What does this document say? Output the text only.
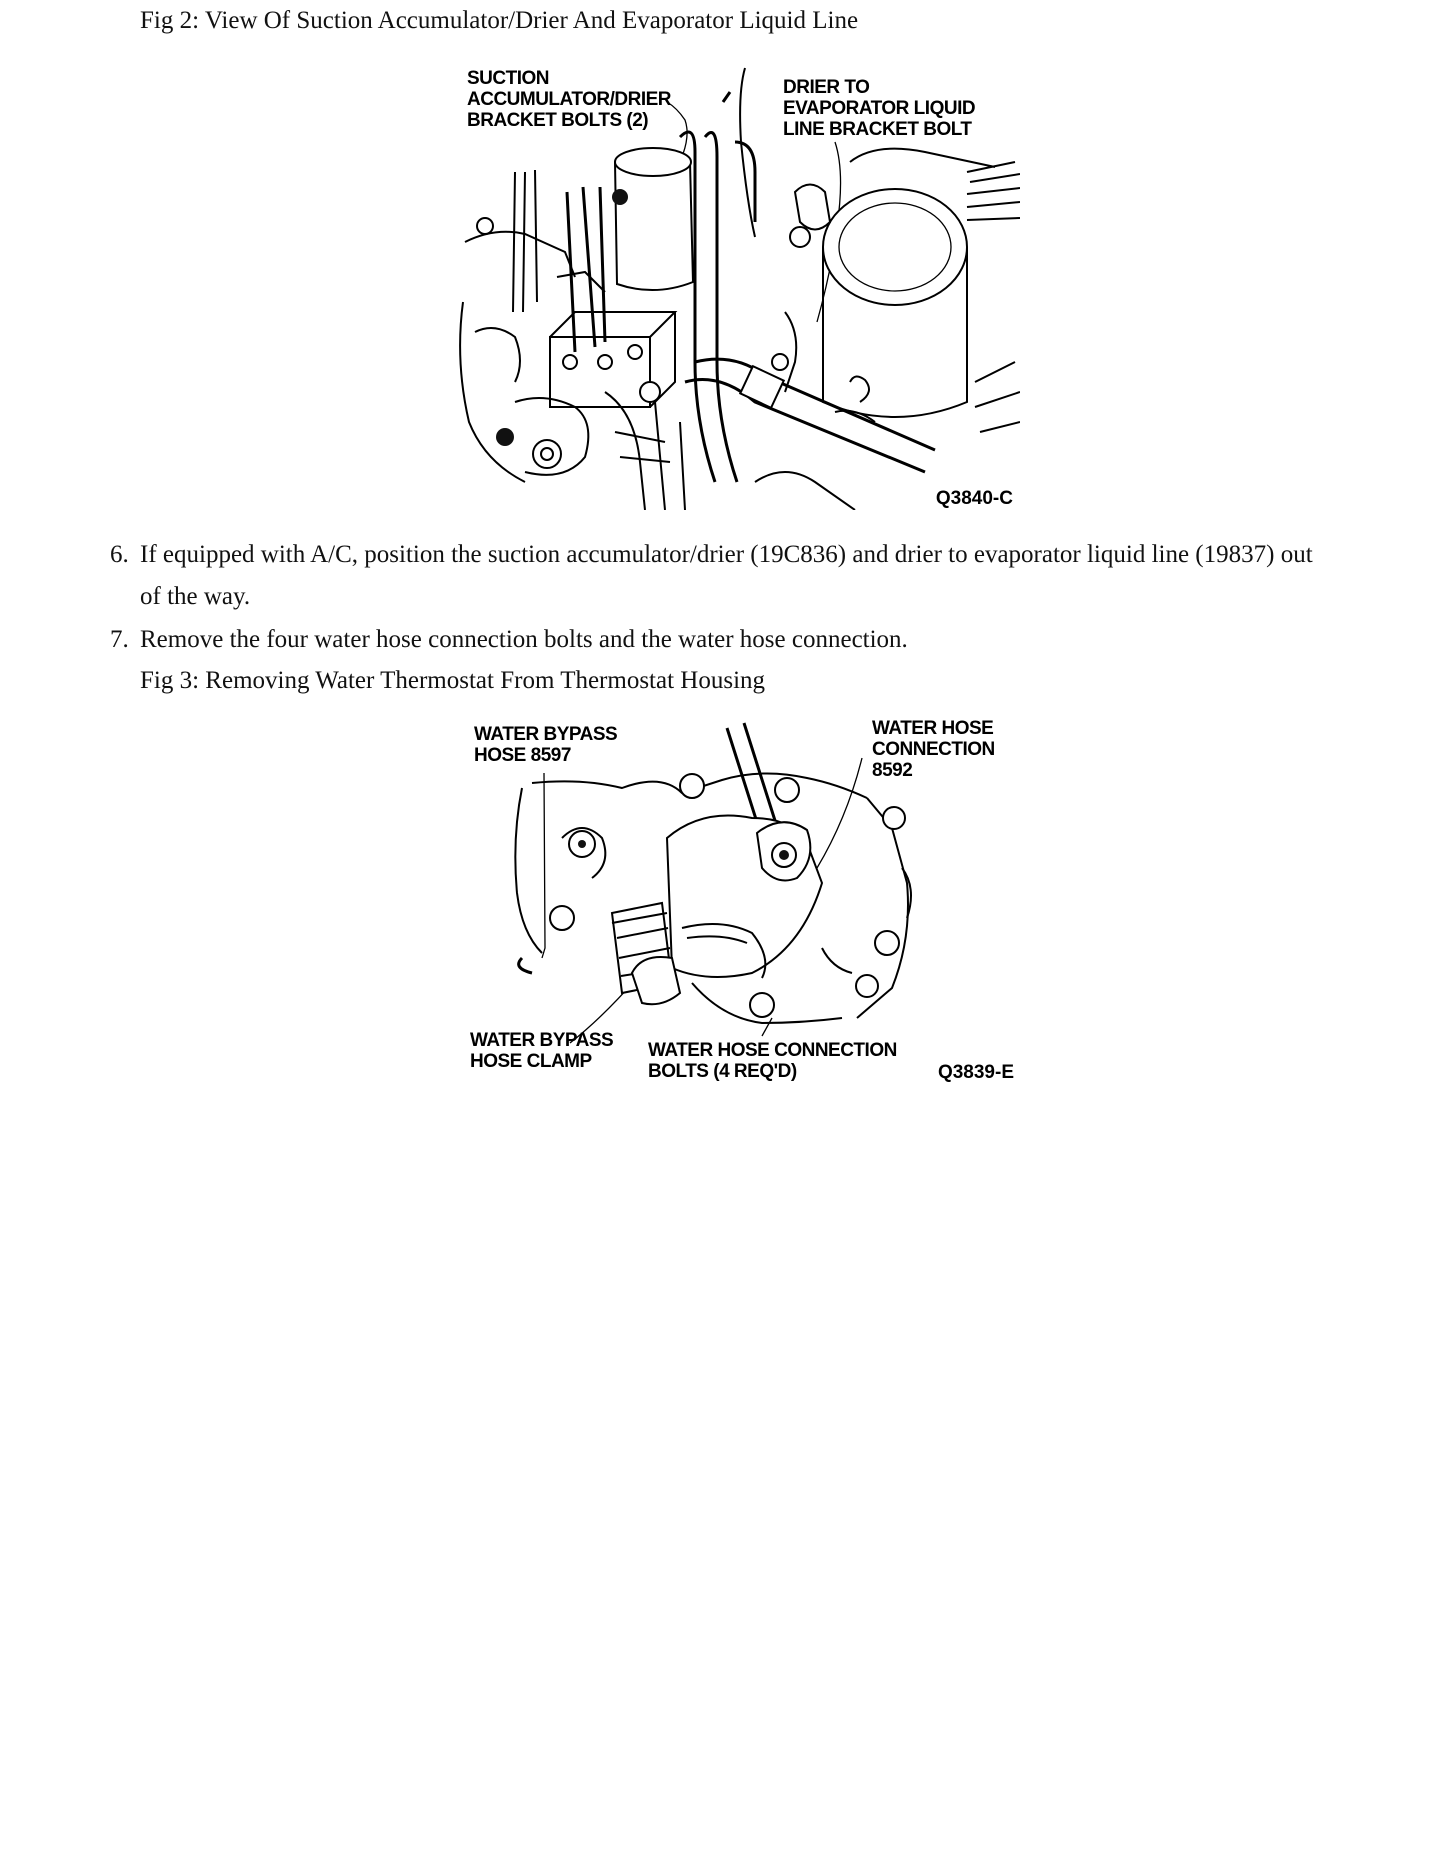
Fig 2: View Of Suction Accumulator/Drier And Evaporator Liquid Line
SUCTION ACCUMULATOR/DRIER BRACKET BOLTS (2)
DRIER TO EVAPORATOR LIQUID LINE BRACKET BOLT
Q3840-C
6. If equipped with A/C, position the suction accumulator/drier (19C836) and drier to evaporator liquid line (19837) out of the way.
7. Remove the four water hose connection bolts and the water hose connection.
Fig 3: Removing Water Thermostat From Thermostat Housing
WATER BYPASS HOSE 8597
WATER HOSE CONNECTION 8592
WATER BYPASS HOSE CLAMP
WATER HOSE CONNECTION BOLTS (4 REQ'D)	Q3839-E
